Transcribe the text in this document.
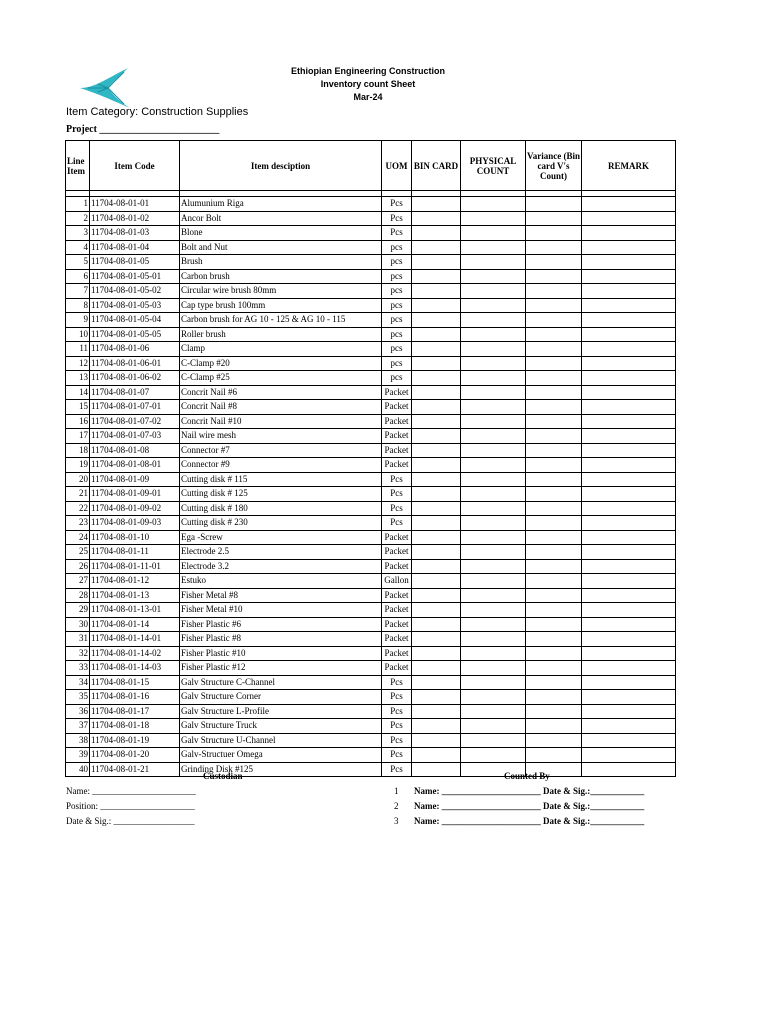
Ethiopian Engineering Construction
Inventory count Sheet
Mar-24
Item Category: Construction Supplies
Project ________________________
Line Item	Item Code	Item desciption	UOM	BIN CARD	PHYSICAL COUNT	Variance (Bin card V's Count)	REMARK

1	11704-08-01-01	Alumunium Riga	Pcs				
2	11704-08-01-02	Ancor Bolt	Pcs				
3	11704-08-01-03	Blone	Pcs				
4	11704-08-01-04	Bolt and Nut	pcs				
5	11704-08-01-05	Brush	pcs				
6	11704-08-01-05-01	Carbon brush	pcs				
7	11704-08-01-05-02	Circular wire brush 80mm	pcs				
8	11704-08-01-05-03	Cap type brush 100mm	pcs				
9	11704-08-01-05-04	Carbon brush for AG 10 - 125 & AG 10 - 115	pcs				
10	11704-08-01-05-05	Roller brush	pcs				
11	11704-08-01-06	Clamp	pcs				
12	11704-08-01-06-01	C-Clamp #20	pcs				
13	11704-08-01-06-02	C-Clamp #25	pcs				
14	11704-08-01-07	Concrit Nail #6	Packet				
15	11704-08-01-07-01	Concrit Nail #8	Packet				
16	11704-08-01-07-02	Concrit Nail #10	Packet				
17	11704-08-01-07-03	Nail wire mesh	Packet				
18	11704-08-01-08	Connector #7	Packet				
19	11704-08-01-08-01	Connector #9	Packet				
20	11704-08-01-09	Cutting disk # 115	Pcs				
21	11704-08-01-09-01	Cutting disk # 125	Pcs				
22	11704-08-01-09-02	Cutting disk # 180	Pcs				
23	11704-08-01-09-03	Cutting disk # 230	Pcs				
24	11704-08-01-10	Ega -Screw	Packet				
25	11704-08-01-11	Electrode 2.5	Packet				
26	11704-08-01-11-01	Electrode 3.2	Packet				
27	11704-08-01-12	Estuko	Gallon				
28	11704-08-01-13	Fisher Metal #8	Packet				
29	11704-08-01-13-01	Fisher Metal #10	Packet				
30	11704-08-01-14	Fisher Plastic #6	Packet				
31	11704-08-01-14-01	Fisher Plastic #8	Packet				
32	11704-08-01-14-02	Fisher Plastic #10	Packet				
33	11704-08-01-14-03	Fisher Plastic #12	Packet				
34	11704-08-01-15	Galv Structure C-Channel	Pcs				
35	11704-08-01-16	Galv Structure Corner	Pcs				
36	11704-08-01-17	Galv Structure L-Profile	Pcs				
37	11704-08-01-18	Galv Structure Truck	Pcs				
38	11704-08-01-19	Galv Structure U-Channel	Pcs				
39	11704-08-01-20	Galv-Structuer Omega	Pcs				
40	11704-08-01-21	Grinding Disk #125	Pcs				
Custodian	Counted By
Name: _______________________
Position: _____________________
Date & Sig.: __________________
1
2
3
Name: ______________________ Date & Sig.:____________
Name: ______________________ Date & Sig.:____________
Name: ______________________ Date & Sig.:____________
